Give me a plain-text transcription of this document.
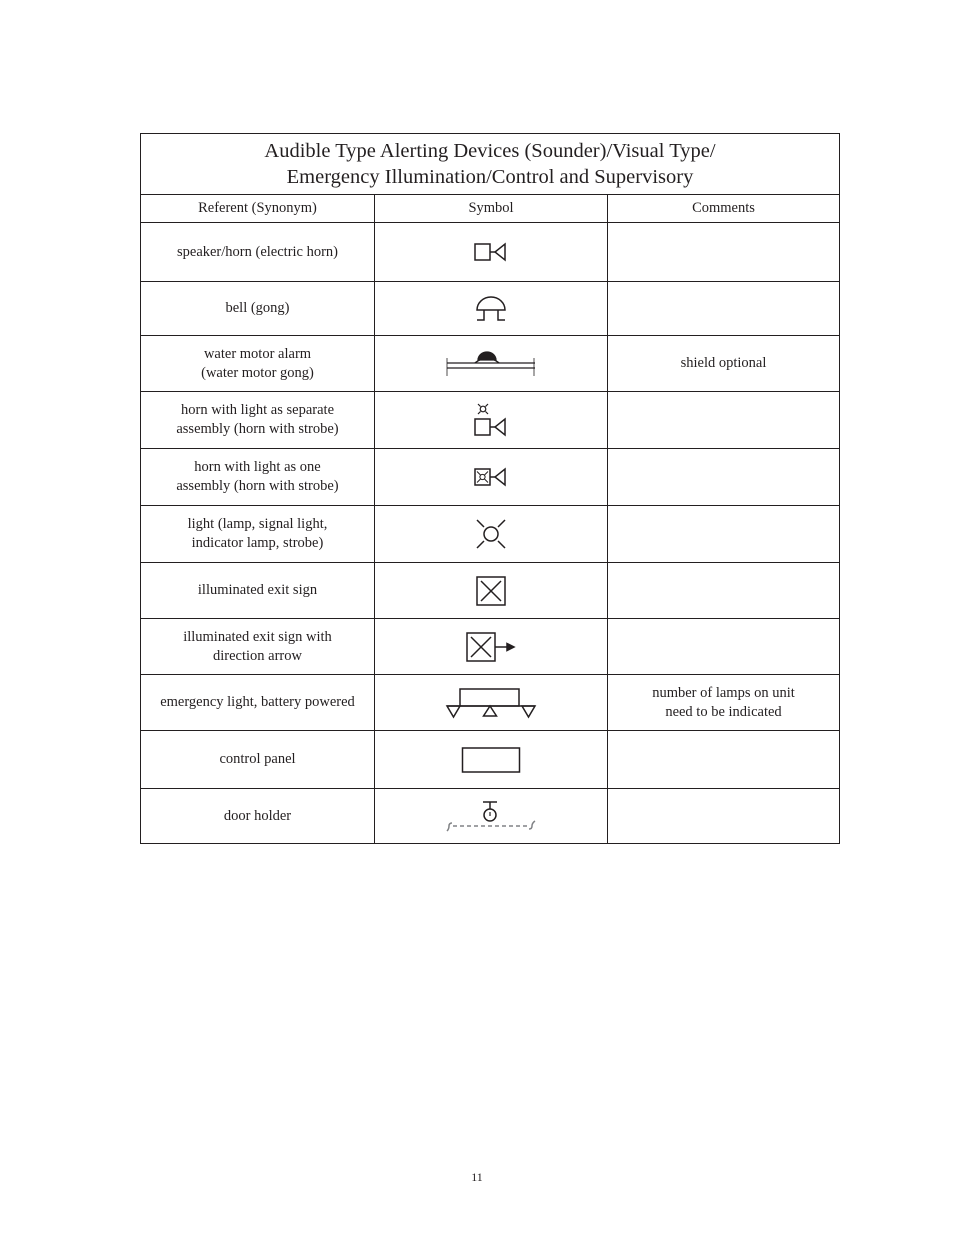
Audible Type Alerting Devices (Sounder)/Visual Type/
Emergency Illumination/Control and Supervisory
Referent (Synonym)	Symbol	Comments
speaker/horn (electric horn)
bell (gong)
water motor alarm
(water motor gong)
shield optional
horn with light as separate
assembly (horn with strobe)
horn with light as one
assembly (horn with strobe)
light (lamp, signal light,
indicator lamp, strobe)
illuminated exit sign
illuminated exit sign with
direction arrow
emergency light, battery powered
number of lamps on unit
need to be indicated
control panel
door holder
11
